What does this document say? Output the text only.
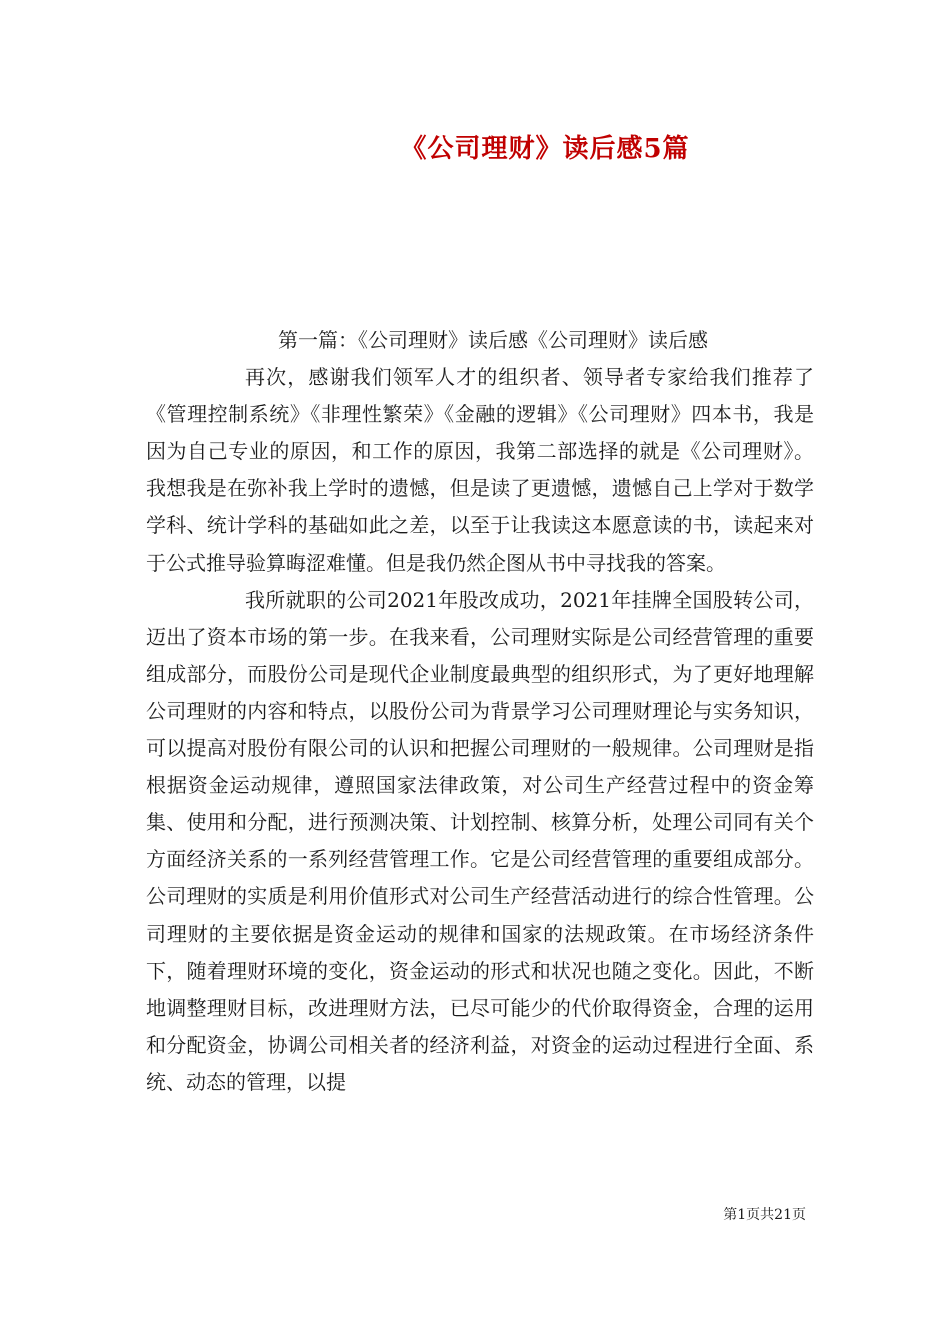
《公司理财》读后感5篇

第一篇：《公司理财》读后感《公司理财》读后感

再次，感谢我们领军人才的组织者、领导者专家给我们推荐了《管理控制系统》《非理性繁荣》《金融的逻辑》《公司理财》四本书，我是因为自己专业的原因，和工作的原因，我第二部选择的就是《公司理财》。我想我是在弥补我上学时的遗憾，但是读了更遗憾，遗憾自己上学对于数学学科、统计学科的基础如此之差，以至于让我读这本愿意读的书，读起来对于公式推导验算晦涩难懂。但是我仍然企图从书中寻找我的答案。

我所就职的公司2021年股改成功，2021年挂牌全国股转公司，迈出了资本市场的第一步。在我来看，公司理财实际是公司经营管理的重要组成部分，而股份公司是现代企业制度最典型的组织形式，为了更好地理解公司理财的内容和特点，以股份公司为背景学习公司理财理论与实务知识，可以提高对股份有限公司的认识和把握公司理财的一般规律。公司理财是指根据资金运动规律，遵照国家法律政策，对公司生产经营过程中的资金筹集、使用和分配，进行预测决策、计划控制、核算分析，处理公司同有关个方面经济关系的一系列经营管理工作。它是公司经营管理的重要组成部分。公司理财的实质是利用价值形式对公司生产经营活动进行的综合性管理。公司理财的主要依据是资金运动的规律和国家的法规政策。在市场经济条件下，随着理财环境的变化，资金运动的形式和状况也随之变化。因此，不断地调整理财目标，改进理财方法，已尽可能少的代价取得资金，合理的运用和分配资金，协调公司相关者的经济利益，对资金的运动过程进行全面、系统、动态的管理，以提

第1页共21页
